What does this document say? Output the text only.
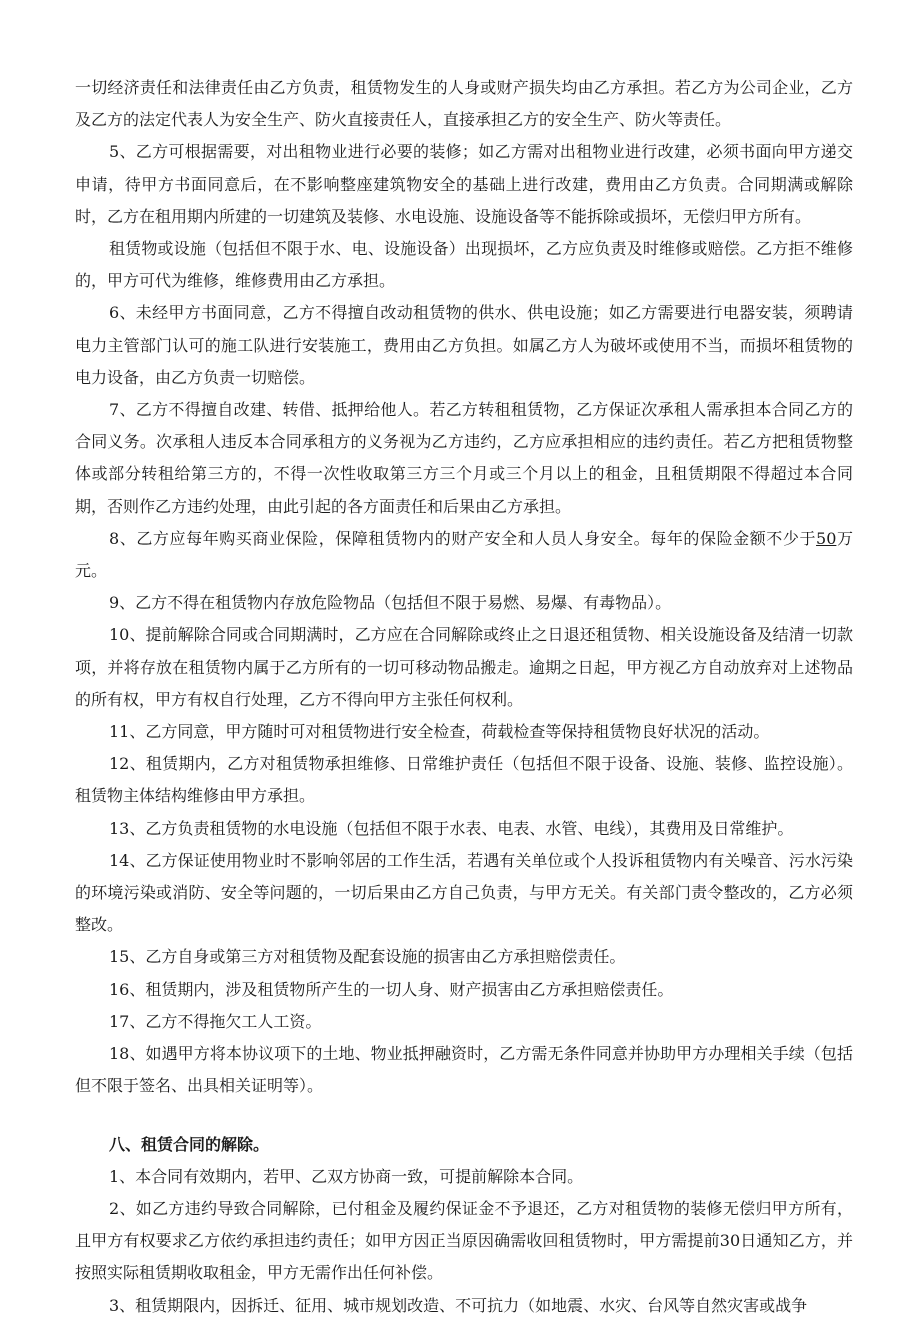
一切经济责任和法律责任由乙方负责，租赁物发生的人身或财产损失均由乙方承担。若乙方为公司企业，乙方及乙方的法定代表人为安全生产、防火直接责任人，直接承担乙方的安全生产、防火等责任。

5、乙方可根据需要，对出租物业进行必要的装修；如乙方需对出租物业进行改建，必须书面向甲方递交申请，待甲方书面同意后，在不影响整座建筑物安全的基础上进行改建，费用由乙方负责。合同期满或解除时，乙方在租用期内所建的一切建筑及装修、水电设施、设施设备等不能拆除或损坏，无偿归甲方所有。

租赁物或设施（包括但不限于水、电、设施设备）出现损坏，乙方应负责及时维修或赔偿。乙方拒不维修的，甲方可代为维修，维修费用由乙方承担。

6、未经甲方书面同意，乙方不得擅自改动租赁物的供水、供电设施；如乙方需要进行电器安装，须聘请电力主管部门认可的施工队进行安装施工，费用由乙方负担。如属乙方人为破坏或使用不当，而损坏租赁物的电力设备，由乙方负责一切赔偿。

7、乙方不得擅自改建、转借、抵押给他人。若乙方转租租赁物，乙方保证次承租人需承担本合同乙方的合同义务。次承租人违反本合同承租方的义务视为乙方违约，乙方应承担相应的违约责任。若乙方把租赁物整体或部分转租给第三方的，不得一次性收取第三方三个月或三个月以上的租金，且租赁期限不得超过本合同期，否则作乙方违约处理，由此引起的各方面责任和后果由乙方承担。

8、乙方应每年购买商业保险，保障租赁物内的财产安全和人员人身安全。每年的保险金额不少于50万元。

9、乙方不得在租赁物内存放危险物品（包括但不限于易燃、易爆、有毒物品）。

10、提前解除合同或合同期满时，乙方应在合同解除或终止之日退还租赁物、相关设施设备及结清一切款项，并将存放在租赁物内属于乙方所有的一切可移动物品搬走。逾期之日起，甲方视乙方自动放弃对上述物品的所有权，甲方有权自行处理，乙方不得向甲方主张任何权利。

11、乙方同意，甲方随时可对租赁物进行安全检查，荷载检查等保持租赁物良好状况的活动。

12、租赁期内，乙方对租赁物承担维修、日常维护责任（包括但不限于设备、设施、装修、监控设施）。租赁物主体结构维修由甲方承担。

13、乙方负责租赁物的水电设施（包括但不限于水表、电表、水管、电线），其费用及日常维护。

14、乙方保证使用物业时不影响邻居的工作生活，若遇有关单位或个人投诉租赁物内有关噪音、污水污染的环境污染或消防、安全等问题的，一切后果由乙方自己负责，与甲方无关。有关部门责令整改的，乙方必须整改。

15、乙方自身或第三方对租赁物及配套设施的损害由乙方承担赔偿责任。

16、租赁期内，涉及租赁物所产生的一切人身、财产损害由乙方承担赔偿责任。

17、乙方不得拖欠工人工资。

18、如遇甲方将本协议项下的土地、物业抵押融资时，乙方需无条件同意并协助甲方办理相关手续（包括但不限于签名、出具相关证明等）。

八、租赁合同的解除。

1、本合同有效期内，若甲、乙双方协商一致，可提前解除本合同。

2、如乙方违约导致合同解除，已付租金及履约保证金不予退还，乙方对租赁物的装修无偿归甲方所有，且甲方有权要求乙方依约承担违约责任；如甲方因正当原因确需收回租赁物时，甲方需提前30日通知乙方，并按照实际租赁期收取租金，甲方无需作出任何补偿。

3、租赁期限内，因拆迁、征用、城市规划改造、不可抗力（如地震、水灾、台风等自然灾害或战争
